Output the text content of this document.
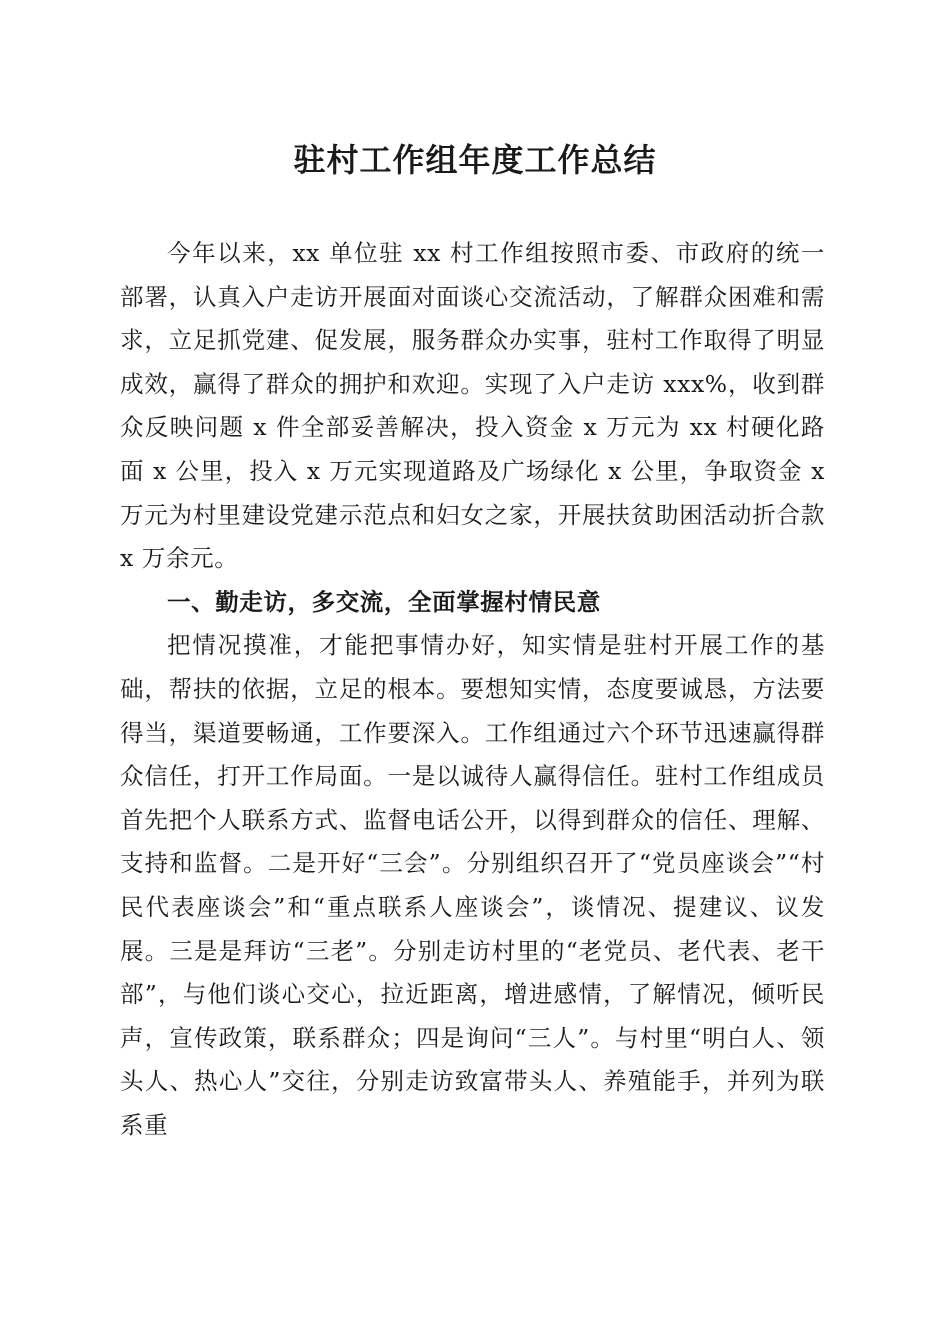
驻村工作组年度工作总结

今年以来，xx 单位驻 xx 村工作组按照市委、市政府的统一部署，认真入户走访开展面对面谈心交流活动，了解群众困难和需求，立足抓党建、促发展，服务群众办实事，驻村工作取得了明显成效，赢得了群众的拥护和欢迎。实现了入户走访 xxx%，收到群众反映问题 x 件全部妥善解决，投入资金 x 万元为 xx 村硬化路面 x 公里，投入 x 万元实现道路及广场绿化 x 公里，争取资金 x 万元为村里建设党建示范点和妇女之家，开展扶贫助困活动折合款 x 万余元。

一、勤走访，多交流，全面掌握村情民意

把情况摸准，才能把事情办好，知实情是驻村开展工作的基础，帮扶的依据，立足的根本。要想知实情，态度要诚恳，方法要得当，渠道要畅通，工作要深入。工作组通过六个环节迅速赢得群众信任，打开工作局面。一是以诚待人赢得信任。驻村工作组成员首先把个人联系方式、监督电话公开，以得到群众的信任、理解、支持和监督。二是开好“三会”。分别组织召开了“党员座谈会”“村民代表座谈会”和“重点联系人座谈会”，谈情况、提建议、议发展。三是是拜访“三老”。分别走访村里的“老党员、老代表、老干部”，与他们谈心交心，拉近距离，增进感情，了解情况，倾听民声，宣传政策，联系群众；四是询问“三人”。与村里“明白人、领头人、热心人”交往，分别走访致富带头人、养殖能手，并列为联系重
